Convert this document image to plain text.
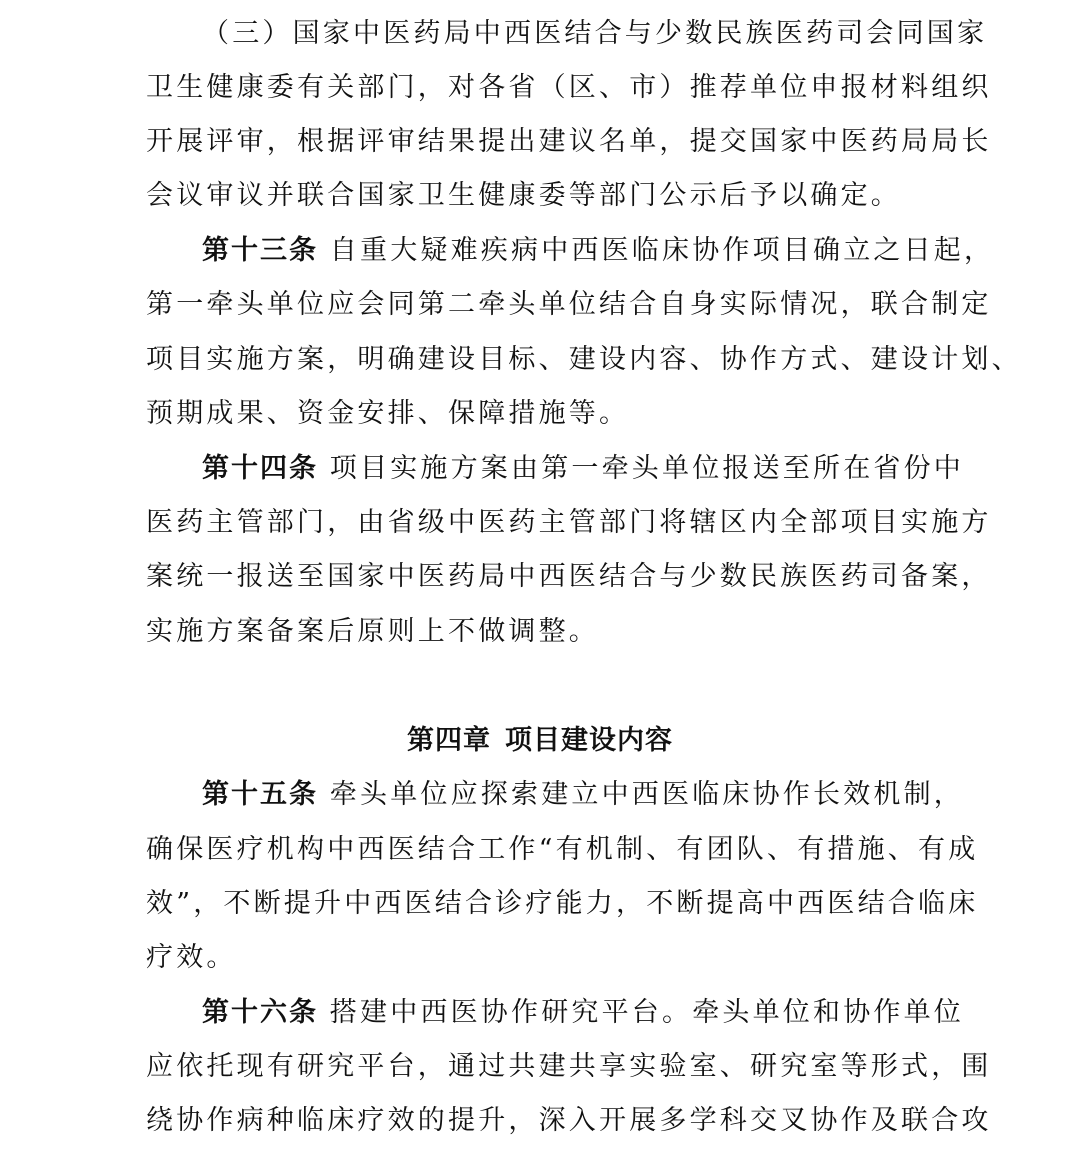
（三）国家中医药局中西医结合与少数民族医药司会同国家
卫生健康委有关部门，对各省（区、市）推荐单位申报材料组织
开展评审，根据评审结果提出建议名单，提交国家中医药局局长
会议审议并联合国家卫生健康委等部门公示后予以确定。
第十三条 自重大疑难疾病中西医临床协作项目确立之日起，
第一牵头单位应会同第二牵头单位结合自身实际情况，联合制定
项目实施方案，明确建设目标、建设内容、协作方式、建设计划、
预期成果、资金安排、保障措施等。
第十四条 项目实施方案由第一牵头单位报送至所在省份中
医药主管部门，由省级中医药主管部门将辖区内全部项目实施方
案统一报送至国家中医药局中西医结合与少数民族医药司备案，
实施方案备案后原则上不做调整。
第四章 项目建设内容
第十五条 牵头单位应探索建立中西医临床协作长效机制，
确保医疗机构中西医结合工作“有机制、有团队、有措施、有成
效”，不断提升中西医结合诊疗能力，不断提高中西医结合临床
疗效。
第十六条 搭建中西医协作研究平台。牵头单位和协作单位
应依托现有研究平台，通过共建共享实验室、研究室等形式，围
绕协作病种临床疗效的提升，深入开展多学科交叉协作及联合攻
